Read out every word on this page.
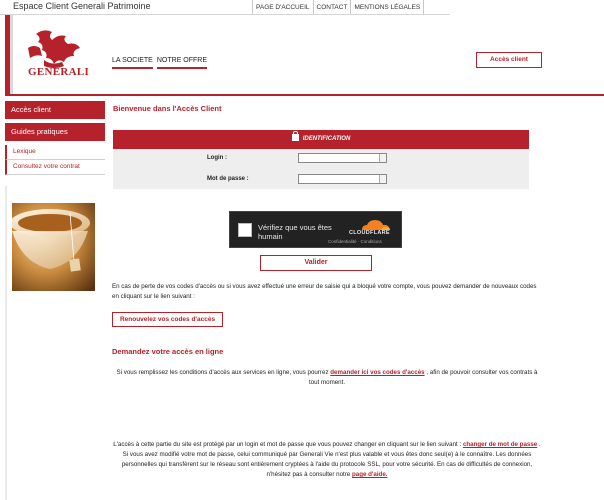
Espace Client Generali Patrimoine	PAGE D'ACCUEIL	CONTACT	MENTIONS LÉGALES
GENERALI
LA SOCIETE NOTRE OFFRE	Accès client
Accès client
Guides pratiques
Lexique
Consultez votre contrat
Bienvenue dans l'Accès Client
IDENTIFICATION
Login :
Mot de passe :
Vérifiez que vous êtes humain	CLOUDFLARE
Confidentialité · Conditions
Valider
En cas de perte de vos codes d'accès ou si vous avez effectué une erreur de saisie qui a bloqué votre compte, vous pouvez demander de nouveaux codes en cliquant sur le lien suivant :
Renouvelez vos codes d'accès
Demandez votre accès en ligne
Si vous remplissez les conditions d'accès aux services en ligne, vous pourrez demander ici vos codes d'accès , afin de pouvoir consulter vos contrats à tout moment.
L'accès à cette partie du site est protégé par un login et mot de passe que vous pouvez changer en cliquant sur le lien suivant : changer de mot de passe . Si vous avez modifié votre mot de passe, celui communiqué par Generali Vie n'est plus valable et vous êtes donc seul(e) à le connaître. Les données personnelles qui transfèrent sur le réseau sont entièrement cryptées à l'aide du protocole SSL, pour votre sécurité. En cas de difficultés de connexion, n'hésitez pas à consulter notre page d'aide.
